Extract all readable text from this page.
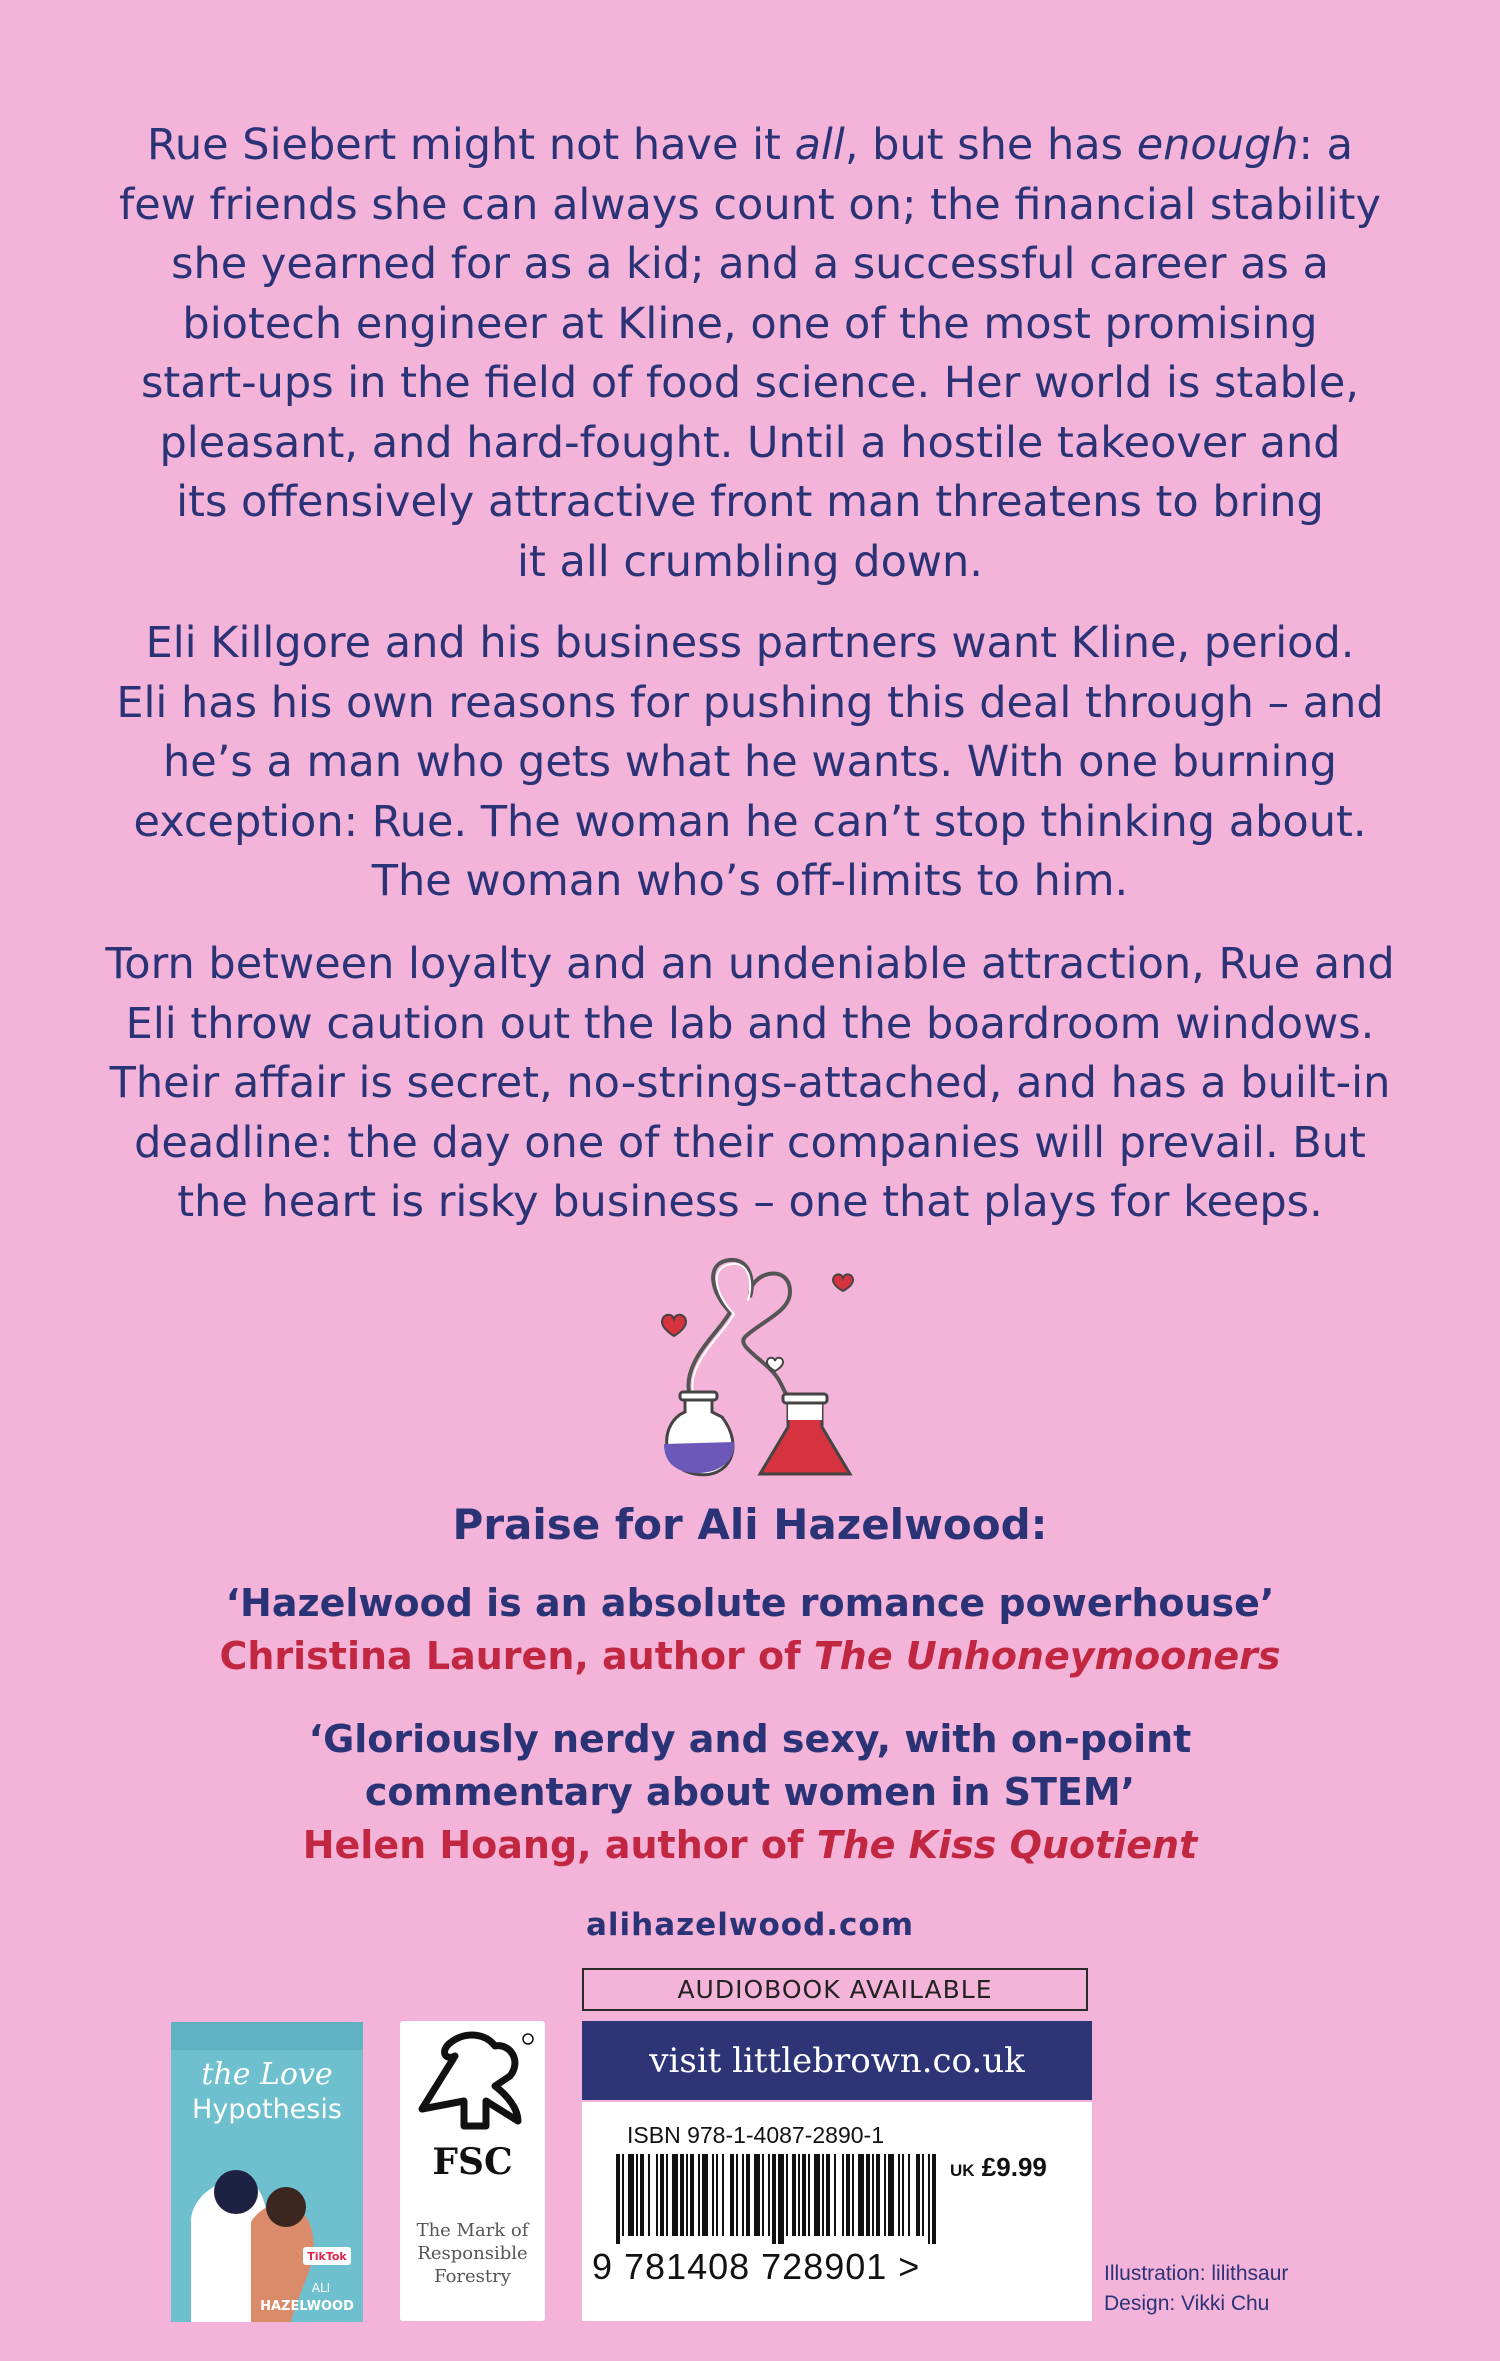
Rue Siebert might not have it all, but she has enough: a
few friends she can always count on; the financial stability
she yearned for as a kid; and a successful career as a
biotech engineer at Kline, one of the most promising
start-ups in the field of food science. Her world is stable,
pleasant, and hard-fought. Until a hostile takeover and
its offensively attractive front man threatens to bring
it all crumbling down.
Eli Killgore and his business partners want Kline, period.
Eli has his own reasons for pushing this deal through – and
he’s a man who gets what he wants. With one burning
exception: Rue. The woman he can’t stop thinking about.
The woman who’s off-limits to him.
Torn between loyalty and an undeniable attraction, Rue and
Eli throw caution out the lab and the boardroom windows.
Their affair is secret, no-strings-attached, and has a built-in
deadline: the day one of their companies will prevail. But
the heart is risky business – one that plays for keeps.
Praise for Ali Hazelwood:
‘Hazelwood is an absolute romance powerhouse’
Christina Lauren, author of The Unhoneymooners
‘Gloriously nerdy and sexy, with on-point
commentary about women in STEM’
Helen Hoang, author of The Kiss Quotient
alihazelwood.com
the Love
Hypothesis
TikTok
ALI
HAZELWOOD
FSC
The Mark of
Responsible
Forestry
AUDIOBOOK AVAILABLE
visit littlebrown.co.uk
ISBN 978-1-4087-2890-1
UK £9.99
9 781408 728901 >	Illustration: lilithsaur
Design: Vikki Chu
